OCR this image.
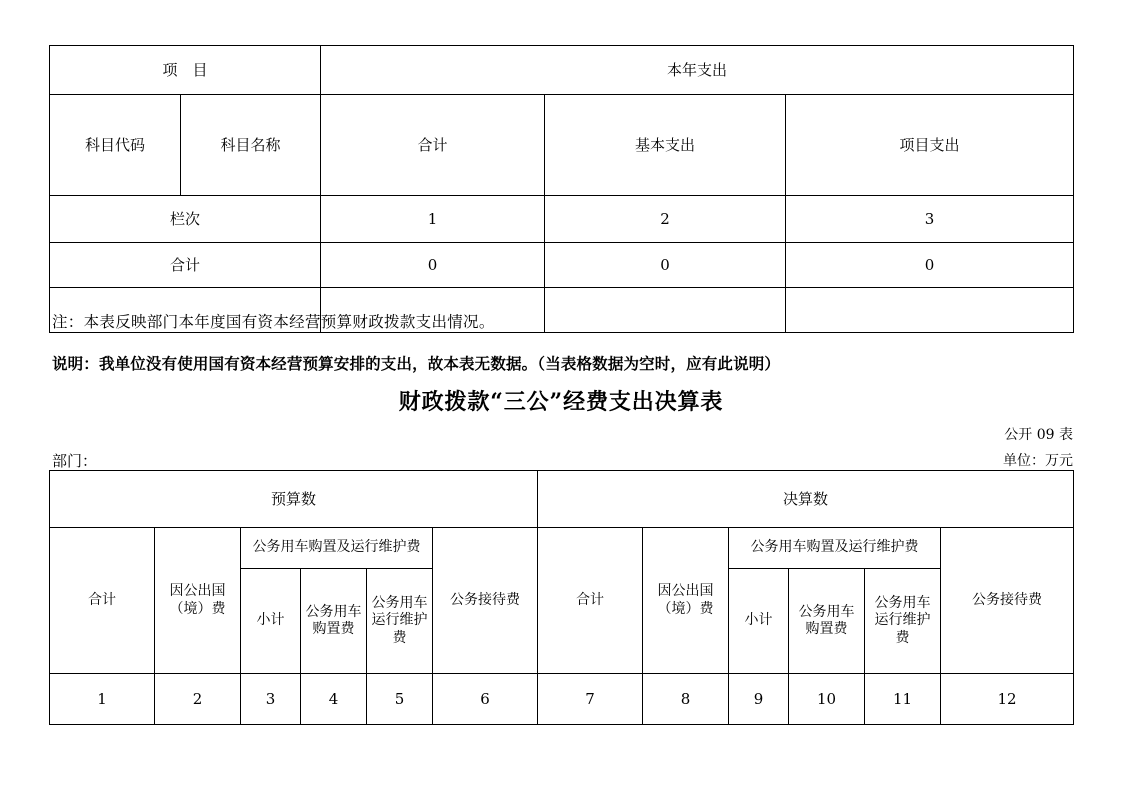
项　目		本年支出		
科目代码	科目名称	合计	基本支出	项目支出
栏次		1	2	3
合计		0	0	0

注：本表反映部门本年度国有资本经营预算财政拨款支出情况。
说明：我单位没有使用国有资本经营预算安排的支出，故本表无数据。（当表格数据为空时，应有此说明）
财政拨款“三公”经费支出决算表
公开 09 表
部门：	单位：万元
预算数						决算数					
合计	因公出国（境）费	公务用车购置及运行维护费			公务接待费	合计	因公出国（境）费	公务用车购置及运行维护费			公务接待费
		小计	公务用车购置费	公务用车运行维护费				小计	公务用车购置费	公务用车运行维护费	
1	2	3	4	5	6	7	8	9	10	11	12
